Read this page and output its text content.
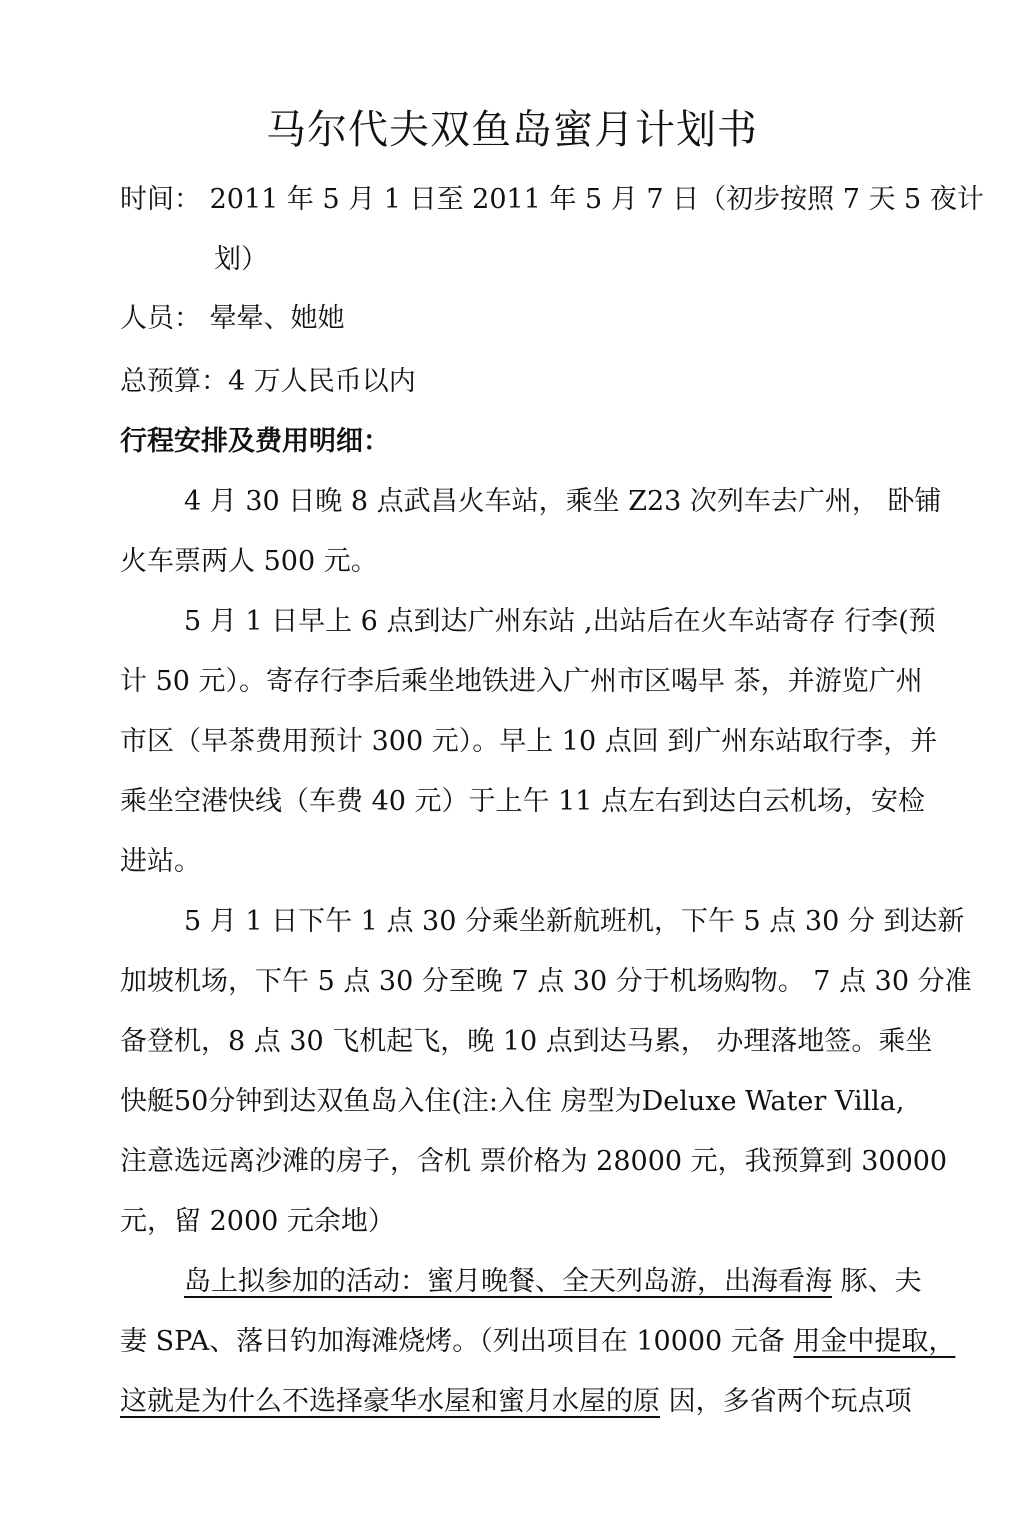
马尔代夫双鱼岛蜜月计划书
时间： 2011 年 5 月 1 日至 2011 年 5 月 7 日（初步按照 7 天 5 夜计
划）
人员： 晕晕、她她
总预算：4 万人民币以内
行程安排及费用明细：
4 月 30 日晚 8 点武昌火车站，乘坐 Z23 次列车去广州， 卧铺
火车票两人 500 元。
5 月 1 日早上 6 点到达广州东站 ,出站后在火车站寄存 行李(预
计 50 元）。寄存行李后乘坐地铁进入广州市区喝早 茶，并游览广州
市区（早茶费用预计 300 元）。早上 10 点回 到广州东站取行李，并
乘坐空港快线（车费 40 元）于上午 11 点左右到达白云机场，安检
进站。
5 月 1 日下午 1 点 30 分乘坐新航班机，下午 5 点 30 分 到达新
加坡机场，下午 5 点 30 分至晚 7 点 30 分于机场购物。 7 点 30 分准
备登机，8 点 30 飞机起飞，晚 10 点到达马累， 办理落地签。乘坐
快艇50分钟到达双鱼岛入住(注:入住 房型为Deluxe Water Villa,
注意选远离沙滩的房子，含机 票价格为 28000 元，我预算到 30000
元，留 2000 元余地）
岛上拟参加的活动：蜜月晚餐、全天列岛游，出海看海 豚、夫
妻 SPA、落日钓加海滩烧烤。（列出项目在 10000 元备 用金中提取，
这就是为什么不选择豪华水屋和蜜月水屋的原 因，多省两个玩点项
